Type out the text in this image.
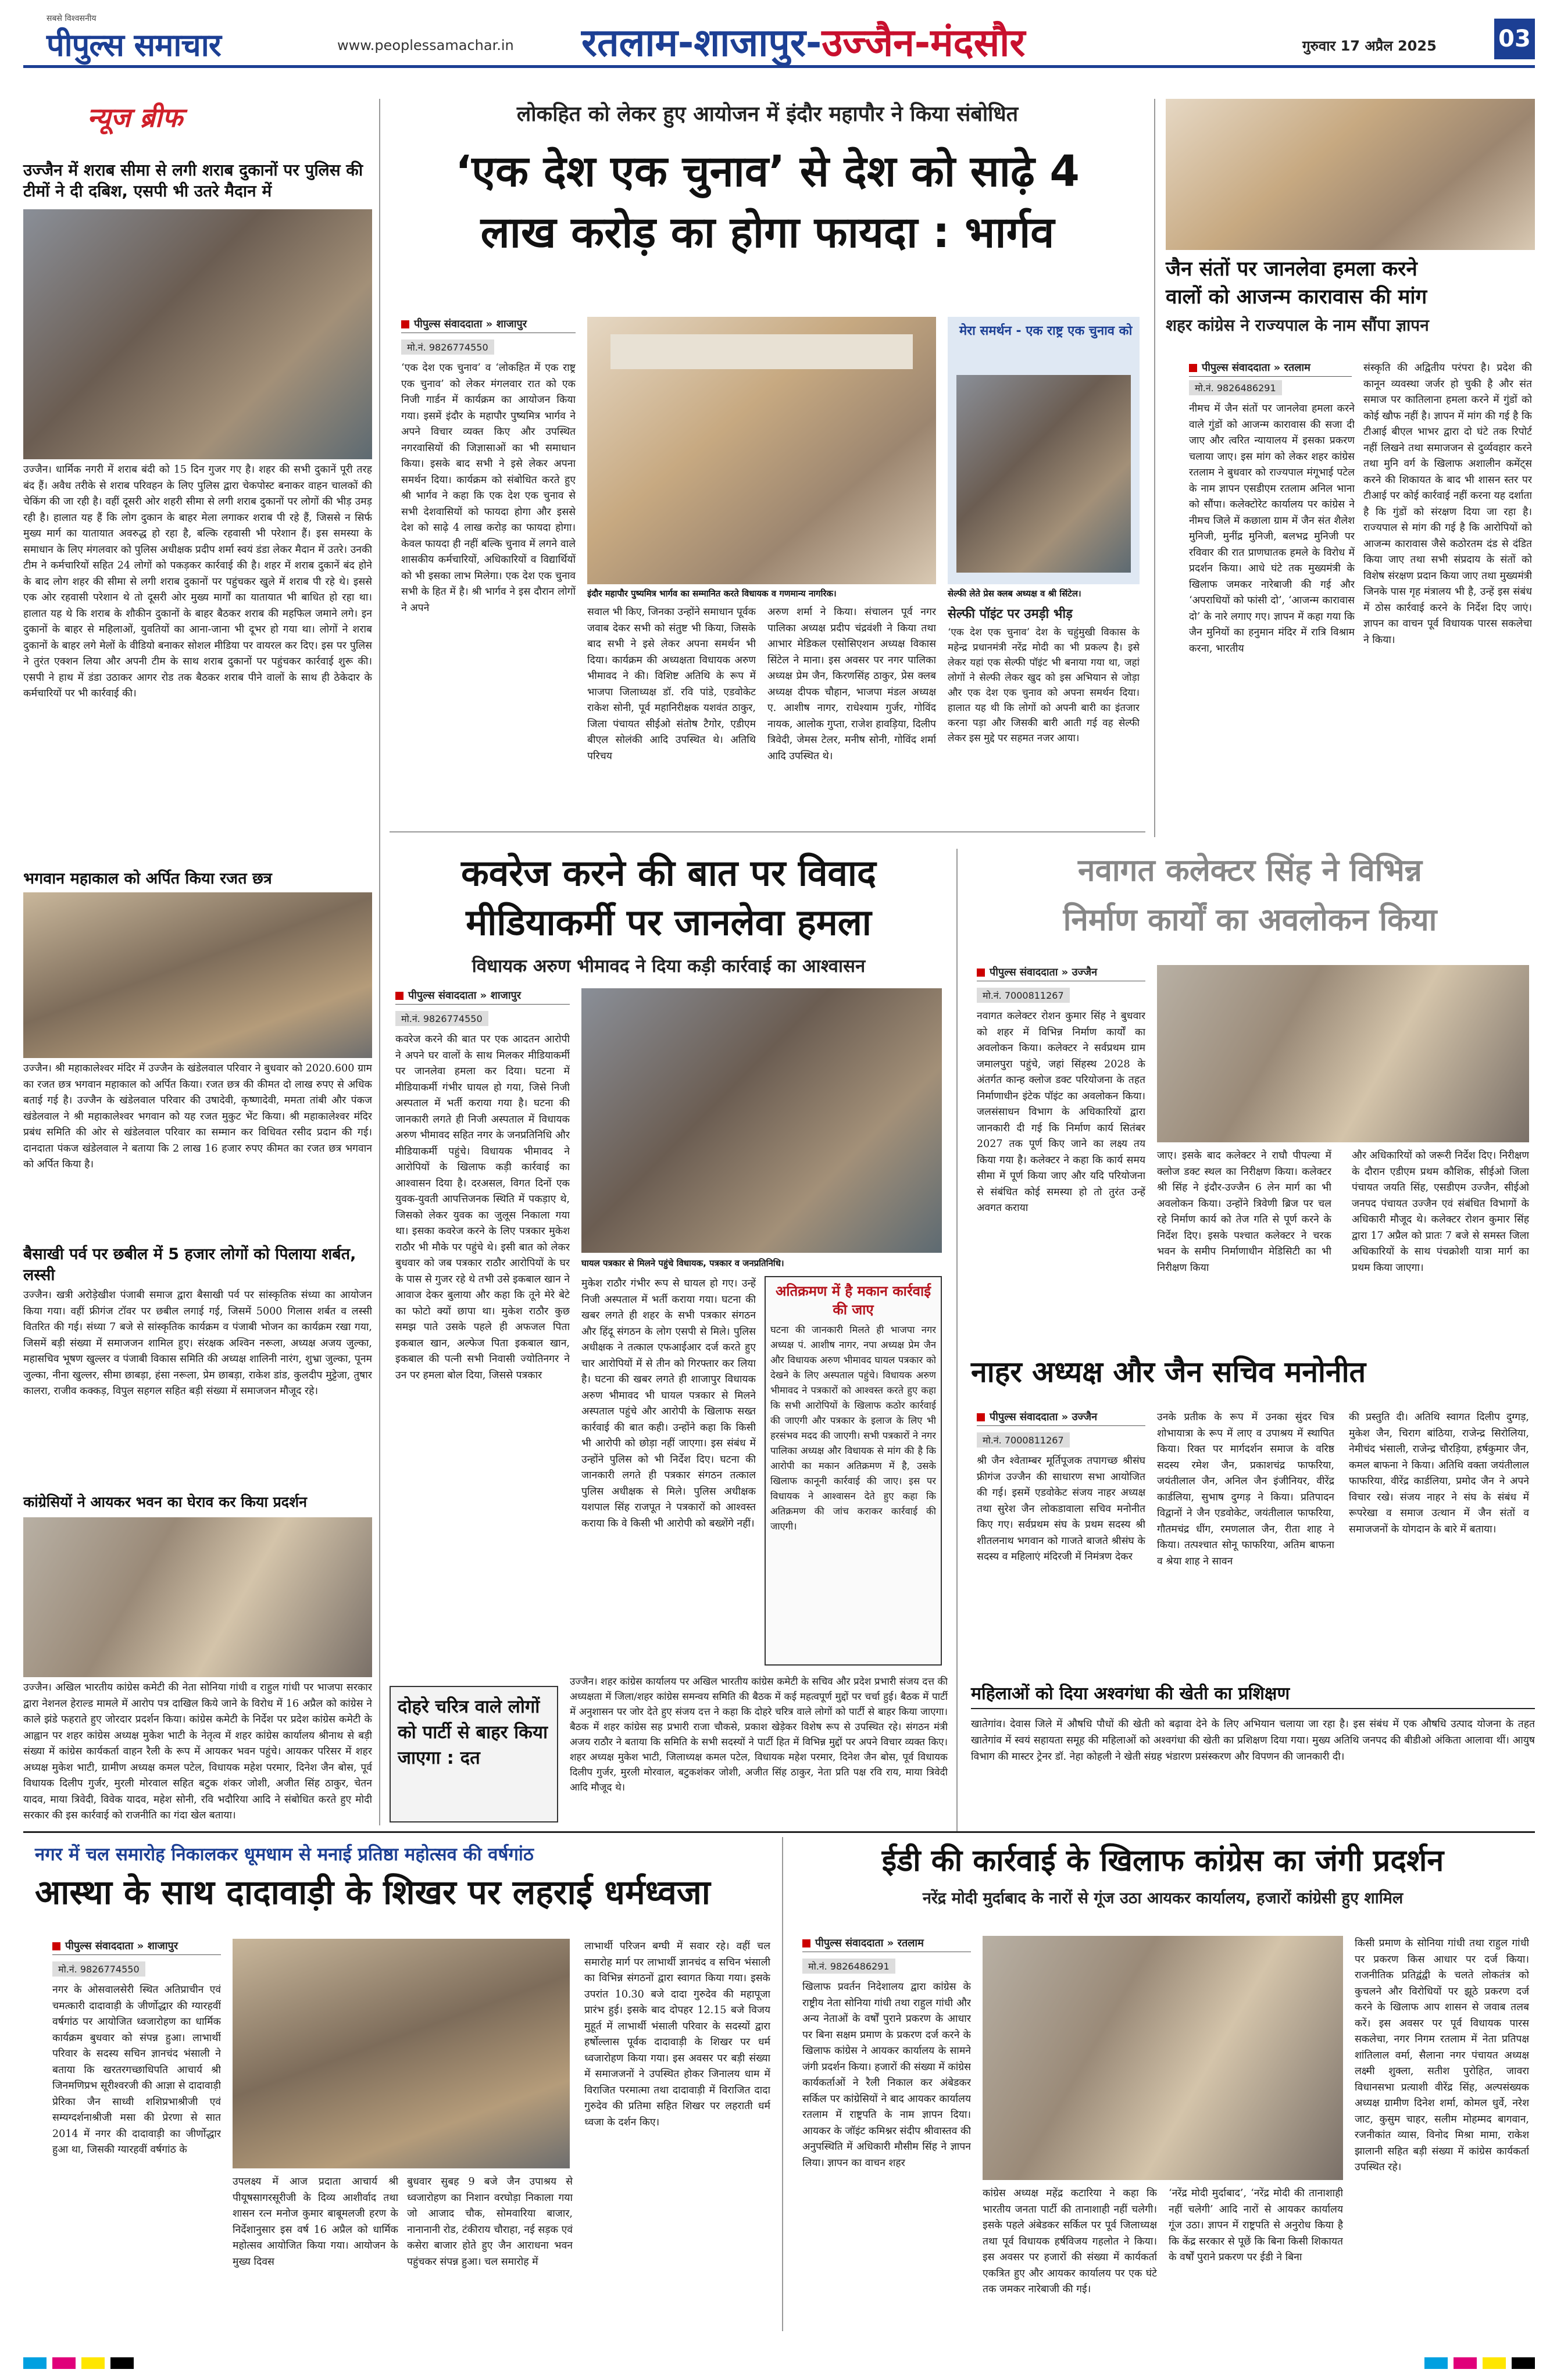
सबसे विश्वसनीय
पीपुल्स समाचार	www.peoplessamachar.in रतलाम-शाजापुर-उज्जैन-मंदसौर	गुरुवार 17 अप्रैल 2025	03
न्यूज ब्रीफ
उज्जैन में शराब सीमा से लगी शराब दुकानों पर पुलिस की टीमों ने दी दबिश, एसपी भी उतरे मैदान में
उज्जैन। धार्मिक नगरी में शराब बंदी को 15 दिन गुजर गए है। शहर की सभी दुकानें पूरी तरह बंद हैं। अवैध तरीके से शराब परिवहन के लिए पुलिस द्वारा चेकपोस्ट बनाकर वाहन चालकों की चेकिंग की जा रही है। वहीं दूसरी ओर शहरी सीमा से लगी शराब दुकानों पर लोगों की भीड़ उमड़ रही है। हालात यह हैं कि लोग दुकान के बाहर मेला लगाकर शराब पी रहे हैं, जिससे न सिर्फ मुख्य मार्ग का यातायात अवरुद्ध हो रहा है, बल्कि रहवासी भी परेशान हैं। इस समस्या के समाधान के लिए मंगलवार को पुलिस अधीक्षक प्रदीप शर्मा स्वयं डंडा लेकर मैदान में उतरे। उनकी टीम ने कर्मचारियों सहित 24 लोगों को पकड़कर कार्रवाई की है। शहर में शराब दुकानें बंद होने के बाद लोग शहर की सीमा से लगी शराब दुकानों पर पहुंचकर खुले में शराब पी रहे थे। इससे एक ओर रहवासी परेशान थे तो दूसरी ओर मुख्य मार्गों का यातायात भी बाधित हो रहा था। हालात यह थे कि शराब के शौकीन दुकानों के बाहर बैठकर शराब की महफिल जमाने लगे। इन दुकानों के बाहर से महिलाओं, युवतियों का आना-जाना भी दूभर हो गया था। लोगों ने शराब दुकानों के बाहर लगे मेलों के वीडियो बनाकर सोशल मीडिया पर वायरल कर दिए। इस पर पुलिस ने तुरंत एक्शन लिया और अपनी टीम के साथ शराब दुकानों पर पहुंचकर कार्रवाई शुरू की। एसपी ने हाथ में डंडा उठाकर आगर रोड तक बैठकर शराब पीने वालों के साथ ही ठेकेदार के कर्मचारियों पर भी कार्रवाई की।
भगवान महाकाल को अर्पित किया रजत छत्र
उज्जैन। श्री महाकालेश्वर मंदिर में उज्जैन के खंडेलवाल परिवार ने बुधवार को 2020.600 ग्राम का रजत छत्र भगवान महाकाल को अर्पित किया। रजत छत्र की कीमत दो लाख रुपए से अधिक बताई गई है। उज्जैन के खंडेलवाल परिवार की उषादेवी, कृष्णादेवी, ममता तांबी और पंकज खंडेलवाल ने श्री महाकालेश्वर भगवान को यह रजत मुकुट भेंट किया। श्री महाकालेश्वर मंदिर प्रबंध समिति की ओर से खंडेलवाल परिवार का सम्मान कर विधिवत रसीद प्रदान की गई। दानदाता पंकज खंडेलवाल ने बताया कि 2 लाख 16 हजार रुपए कीमत का रजत छत्र भगवान को अर्पित किया है।
बैसाखी पर्व पर छबील में 5 हजार लोगों को पिलाया शर्बत, लस्सी
उज्जैन। खत्री अरोड़ेखीश पंजाबी समाज द्वारा बैसाखी पर्व पर सांस्कृतिक संध्या का आयोजन किया गया। वहीं फ्रीगंज टॉवर पर छबील लगाई गई, जिसमें 5000 गिलास शर्बत व लस्सी वितरित की गई। संध्या 7 बजे से सांस्कृतिक कार्यक्रम व पंजाबी भोजन का कार्यक्रम रखा गया, जिसमें बड़ी संख्या में समाजजन शामिल हुए। संरक्षक अश्विन नरूला, अध्यक्ष अजय जुल्का, महासचिव भूषण खुल्लर व पंजाबी विकास समिति की अध्यक्ष शालिनी नारंग, शुभ्रा जुल्का, पूनम जुल्का, नीना खुल्लर, सीमा छाबड़ा, हंसा नरूला, प्रेम छाबड़ा, राकेश डांड, कुलदीप मुट्टेजा, तुषार कालरा, राजीव कक्कड़, विपुल सहगल सहित बड़ी संख्या में समाजजन मौजूद रहे।
कांग्रेसियों ने आयकर भवन का घेराव कर किया प्रदर्शन
उज्जैन। अखिल भारतीय कांग्रेस कमेटी की नेता सोनिया गांधी व राहुल गांधी पर भाजपा सरकार द्वारा नेशनल हेराल्ड मामले में आरोप पत्र दाखिल किये जाने के विरोध में 16 अप्रैल को कांग्रेस ने काले झंडे फहराते हुए जोरदार प्रदर्शन किया। कांग्रेस कमेटी के निर्देश पर प्रदेश कांग्रेस कमेटी के आह्वान पर शहर कांग्रेस अध्यक्ष मुकेश भाटी के नेतृत्व में शहर कांग्रेस कार्यालय श्रीनाथ से बड़ी संख्या में कांग्रेस कार्यकर्ता वाहन रैली के रूप में आयकर भवन पहुंचे। आयकर परिसर में शहर अध्यक्ष मुकेश भाटी, ग्रामीण अध्यक्ष कमल पटेल, विधायक महेश परमार, दिनेश जैन बोस, पूर्व विधायक दिलीप गुर्जर, मुरली मोरवाल सहित बटुक शंकर जोशी, अजीत सिंह ठाकुर, चेतन यादव, माया त्रिवेदी, विवेक यादव, महेश सोनी, रवि भदौरिया आदि ने संबोधित करते हुए मोदी सरकार की इस कार्रवाई को राजनीति का गंदा खेल बताया।
लोकहित को लेकर हुए आयोजन में इंदौर महापौर ने किया संबोधित
‘एक देश एक चुनाव’ से देश को साढ़े 4
लाख करोड़ का होगा फायदा : भार्गव
पीपुल्स संवाददाता » शाजापुर
मो.नं. 9826774550
‘एक देश एक चुनाव’ व ‘लोकहित में एक राष्ट्र एक चुनाव’ को लेकर मंगलवार रात को एक निजी गार्डन में कार्यक्रम का आयोजन किया गया। इसमें इंदौर के महापौर पुष्यमित्र भार्गव ने अपने विचार व्यक्त किए और उपस्थित नगरवासियों की जिज्ञासाओं का भी समाधान किया। इसके बाद सभी ने इसे लेकर अपना समर्थन दिया। कार्यक्रम को संबोधित करते हुए श्री भार्गव ने कहा कि एक देश एक चुनाव से सभी देशवासियों को फायदा होगा और इससे देश को साढ़े 4 लाख करोड़ का फायदा होगा। केवल फायदा ही नहीं बल्कि चुनाव में लगने वाले शासकीय कर्मचारियों, अधिकारियों व विद्यार्थियों को भी इसका लाभ मिलेगा। एक देश एक चुनाव सभी के हित में है। श्री भार्गव ने इस दौरान लोगों ने अपने
इंदौर महापौर पुष्यमित्र भार्गव का सम्मानित करते विधायक व गणमान्य नागरिक।
सवाल भी किए, जिनका उन्होंने समाधान पूर्वक जवाब देकर सभी को संतुष्ट भी किया, जिसके बाद सभी ने इसे लेकर अपना समर्थन भी दिया। कार्यक्रम की अध्यक्षता विधायक अरुण भीमावद ने की। विशिष्ट अतिथि के रूप में भाजपा जिलाध्यक्ष डॉ. रवि पांडे, एडवोकेट राकेश सोनी, पूर्व महानिरीक्षक यशवंत ठाकुर, जिला पंचायत सीईओ संतोष टैगोर, एडीएम बीएल सोलंकी आदि उपस्थित थे। अतिथि परिचय
अरुण शर्मा ने किया। संचालन पूर्व नगर पालिका अध्यक्ष प्रदीप चंद्रवंशी ने किया तथा आभार मेडिकल एसोसिएशन अध्यक्ष विकास सिंटेल ने माना। इस अवसर पर नगर पालिका अध्यक्ष प्रेम जैन, किरणसिंह ठाकुर, प्रेस क्लब अध्यक्ष दीपक चौहान, भाजपा मंडल अध्यक्ष ए. आशीष नागर, राधेश्याम गुर्जर, गोविंद नायक, आलोक गुप्ता, राजेश हावड़िया, दिलीप त्रिवेदी, जेमस टेलर, मनीष सोनी, गोविंद शर्मा आदि उपस्थित थे।
मेरा समर्थन - एक राष्ट्र एक चुनाव को
सेल्फी लेते प्रेस क्लब अध्यक्ष व श्री सिंटेल।
सेल्फी पॉइंट पर उमड़ी भीड़
‘एक देश एक चुनाव’ देश के चहुंमुखी विकास के महेन्द्र प्रधानमंत्री नरेंद्र मोदी का भी प्रकल्प है। इसे लेकर यहां एक सेल्फी पॉइंट भी बनाया गया था, जहां लोगों ने सेल्फी लेकर खुद को इस अभियान से जोड़ा और एक देश एक चुनाव को अपना समर्थन दिया। हालात यह थी कि लोगों को अपनी बारी का इंतजार करना पड़ा और जिसकी बारी आती गई वह सेल्फी लेकर इस मुद्दे पर सहमत नजर आया।
जैन संतों पर जानलेवा हमला करने
वालों को आजन्म कारावास की मांग
शहर कांग्रेस ने राज्यपाल के नाम सौंपा ज्ञापन
पीपुल्स संवाददाता » रतलाम
मो.नं. 9826486291
नीमच में जैन संतों पर जानलेवा हमला करने वाले गुंडों को आजन्म कारावास की सजा दी जाए और त्वरित न्यायालय में इसका प्रकरण चलाया जाए। इस मांग को लेकर शहर कांग्रेस रतलाम ने बुधवार को राज्यपाल मंगूभाई पटेल के नाम ज्ञापन एसडीएम रतलाम अनिल भाना को सौंपा। कलेक्टोरेट कार्यालय पर कांग्रेस ने नीमच जिले में कछाला ग्राम में जैन संत शैलेश मुनिजी, मुनींद्र मुनिजी, बलभद्र मुनिजी पर रविवार की रात प्राणघातक हमले के विरोध में प्रदर्शन किया। आधे घंटे तक मुख्यमंत्री के खिलाफ जमकर नारेबाजी की गई और ‘अपराधियों को फांसी दो’, ‘आजन्म कारावास दो’ के नारे लगाए गए। ज्ञापन में कहा गया कि जैन मुनियों का हनुमान मंदिर में रात्रि विश्राम करना, भारतीय
संस्कृति की अद्वितीय परंपरा है। प्रदेश की कानून व्यवस्था जर्जर हो चुकी है और संत समाज पर कातिलाना हमला करने में गुंडों को कोई खौफ नहीं है। ज्ञापन में मांग की गई है कि टीआई बीएल भाभर द्वारा दो घंटे तक रिपोर्ट नहीं लिखने तथा समाजजन से दुर्व्यवहार करने तथा मुनि वर्ग के खिलाफ अशालीन कमेंट्स करने की शिकायत के बाद भी शासन स्तर पर टीआई पर कोई कार्रवाई नहीं करना यह दर्शाता है कि गुंडों को संरक्षण दिया जा रहा है। राज्यपाल से मांग की गई है कि आरोपियों को आजन्म कारावास जैसे कठोरतम दंड से दंडित किया जाए तथा सभी संप्रदाय के संतों को विशेष संरक्षण प्रदान किया जाए तथा मुख्यमंत्री जिनके पास गृह मंत्रालय भी है, उन्हें इस संबंध में ठोस कार्रवाई करने के निर्देश दिए जाएं। ज्ञापन का वाचन पूर्व विधायक पारस सकलेचा ने किया।
कवरेज करने की बात पर विवाद
मीडियाकर्मी पर जानलेवा हमला
विधायक अरुण भीमावद ने दिया कड़ी कार्रवाई का आश्वासन
पीपुल्स संवाददाता » शाजापुर
मो.नं. 9826774550
कवरेज करने की बात पर एक आदतन आरोपी ने अपने घर वालों के साथ मिलकर मीडियाकर्मी पर जानलेवा हमला कर दिया। घटना में मीडियाकर्मी गंभीर घायल हो गया, जिसे निजी अस्पताल में भर्ती कराया गया है। घटना की जानकारी लगते ही निजी अस्पताल में विधायक अरुण भीमावद सहित नगर के जनप्रतिनिधि और मीडियाकर्मी पहुंचे। विधायक भीमावद ने आरोपियों के खिलाफ कड़ी कार्रवाई का आश्वासन दिया है। दरअसल, विगत दिनों एक युवक-युवती आपत्तिजनक स्थिति में पकड़ाए थे, जिसको लेकर युवक का जुलूस निकाला गया था। इसका कवरेज करने के लिए पत्रकार मुकेश राठौर भी मौके पर पहुंचे थे। इसी बात को लेकर बुधवार को जब पत्रकार राठौर आरोपियों के घर के पास से गुजर रहे थे तभी उसे इकबाल खान ने आवाज देकर बुलाया और कहा कि तूने मेरे बेटे का फोटो क्यों छापा था। मुकेश राठौर कुछ समझ पाते उसके पहले ही अफजल पिता इकबाल खान, अल्फेज पिता इकबाल खान, इकबाल की पत्नी सभी निवासी ज्योतिनगर ने उन पर हमला बोल दिया, जिससे पत्रकार
घायल पत्रकार से मिलने पहुंचे विधायक, पत्रकार व जनप्रतिनिधि।
मुकेश राठौर गंभीर रूप से घायल हो गए। उन्हें निजी अस्पताल में भर्ती कराया गया। घटना की खबर लगते ही शहर के सभी पत्रकार संगठन और हिंदू संगठन के लोग एसपी से मिले। पुलिस अधीक्षक ने तत्काल एफआईआर दर्ज करते हुए चार आरोपियों में से तीन को गिरफ्तार कर लिया है। घटना की खबर लगते ही शाजापुर विधायक अरुण भीमावद भी घायल पत्रकार से मिलने अस्पताल पहुंचे और आरोपी के खिलाफ सख्त कार्रवाई की बात कही। उन्होंने कहा कि किसी भी आरोपी को छोड़ा नहीं जाएगा। इस संबंध में उन्होंने पुलिस को भी निर्देश दिए। घटना की जानकारी लगते ही पत्रकार संगठन तत्काल पुलिस अधीक्षक से मिले। पुलिस अधीक्षक यशपाल सिंह राजपूत ने पत्रकारों को आश्वस्त कराया कि वे किसी भी आरोपी को बख्शेंगे नहीं।
अतिक्रमण में है मकान कार्रवाई की जाए
घटना की जानकारी मिलते ही भाजपा नगर अध्यक्ष पं. आशीष नागर, नपा अध्यक्ष प्रेम जैन और विधायक अरुण भीमावद घायल पत्रकार को देखने के लिए अस्पताल पहुंचे। विधायक अरुण भीमावद ने पत्रकारों को आश्वस्त करते हुए कहा कि सभी आरोपियों के खिलाफ कठोर कार्रवाई की जाएगी और पत्रकार के इलाज के लिए भी हरसंभव मदद की जाएगी। सभी पत्रकारों ने नगर पालिका अध्यक्ष और विधायक से मांग की है कि आरोपी का मकान अतिक्रमण में है, उसके खिलाफ कानूनी कार्रवाई की जाए। इस पर विधायक ने आश्वासन देते हुए कहा कि अतिक्रमण की जांच कराकर कार्रवाई की जाएगी।
नवागत कलेक्टर सिंह ने विभिन्न
निर्माण कार्यों का अवलोकन किया
पीपुल्स संवाददाता » उज्जैन
मो.नं. 7000811267
नवागत कलेक्टर रोशन कुमार सिंह ने बुधवार को शहर में विभिन्न निर्माण कार्यों का अवलोकन किया। कलेक्टर ने सर्वप्रथम ग्राम जमालपुरा पहुंचे, जहां सिंहस्थ 2028 के अंतर्गत कान्ह क्लोज डक्ट परियोजना के तहत निर्माणाधीन इंटेक पॉइंट का अवलोकन किया। जलसंसाधन विभाग के अधिकारियों द्वारा जानकारी दी गई कि निर्माण कार्य सितंबर 2027 तक पूर्ण किए जाने का लक्ष्य तय किया गया है। कलेक्टर ने कहा कि कार्य समय सीमा में पूर्ण किया जाए और यदि परियोजना से संबंधित कोई समस्या हो तो तुरंत उन्हें अवगत कराया
जाए। इसके बाद कलेक्टर ने राघौ पीपल्या में क्लोज डक्ट स्थल का निरीक्षण किया। कलेक्टर श्री सिंह ने इंदौर-उज्जैन 6 लेन मार्ग का भी अवलोकन किया। उन्होंने त्रिवेणी ब्रिज पर चल रहे निर्माण कार्य को तेज गति से पूर्ण करने के निर्देश दिए। इसके पश्चात कलेक्टर ने चरक भवन के समीप निर्माणाधीन मेडिसिटी का भी निरीक्षण किया
और अधिकारियों को जरूरी निर्देश दिए। निरीक्षण के दौरान एडीएम प्रथम कौशिक, सीईओ जिला पंचायत जयति सिंह, एसडीएम उज्जैन, सीईओ जनपद पंचायत उज्जैन एवं संबंधित विभागों के अधिकारी मौजूद थे। कलेक्टर रोशन कुमार सिंह द्वारा 17 अप्रैल को प्रातः 7 बजे से समस्त जिला अधिकारियों के साथ पंचक्रोशी यात्रा मार्ग का प्रथम किया जाएगा।
नाहर अध्यक्ष और जैन सचिव मनोनीत
पीपुल्स संवाददाता » उज्जैन
मो.नं. 7000811267
श्री जैन श्वेताम्बर मूर्तिपूजक तपागच्छ श्रीसंघ फ्रीगंज उज्जैन की साधारण सभा आयोजित की गई। इसमें एडवोकेट संजय नाहर अध्यक्ष तथा सुरेश जैन लोकडावाला सचिव मनोनीत किए गए। सर्वप्रथम संघ के प्रथम सदस्य श्री शीतलनाथ भगवान को गाजते बाजते श्रीसंघ के सदस्य व महिलाएं मंदिरजी में निमंत्रण देकर
उनके प्रतीक के रूप में उनका सुंदर चित्र शोभायात्रा के रूप में लाए व उपाश्रय में स्थापित किया। रिक्त पर मार्गदर्शन समाज के वरिष्ठ सदस्य रमेश जैन, प्रकाशचंद्र फाफरिया, जयंतीलाल जैन, अनिल जैन इंजीनियर, वीरेंद्र कार्डलिया, सुभाष दुग्गड़ ने किया। प्रतिपादन विद्वानों ने जैन एडवोकेट, जयंतीलाल फाफरिया, गौतमचंद्र धींग, रमणलाल जैन, रीता शाह ने किया। तत्पश्चात सोनू फाफरिया, अतिम बाफना व श्रेया शाह ने सावन
की प्रस्तुति दी। अतिथि स्वागत दिलीप दुग्गड़, मुकेश जैन, चिराग बांठिया, राजेन्द्र सिरोलिया, नेमीचंद भंसाली, राजेन्द्र चौरड़िया, हर्षकुमार जैन, कमल बाफना ने किया। अतिथि वक्ता जयंतीलाल फाफरिया, वीरेंद्र कार्डलिया, प्रमोद जैन ने अपने विचार रखे। संजय नाहर ने संघ के संबंध में रूपरेखा व समाज उत्थान में जैन संतों व समाजजनों के योगदान के बारे में बताया।
दोहरे चरित्र वाले लोगों को पार्टी से बाहर किया जाएगा : दत
उज्जैन। शहर कांग्रेस कार्यालय पर अखिल भारतीय कांग्रेस कमेटी के सचिव और प्रदेश प्रभारी संजय दत्त की अध्यक्षता में जिला/शहर कांग्रेस समन्वय समिति की बैठक में कई महत्वपूर्ण मुद्दों पर चर्चा हुई। बैठक में पार्टी में अनुशासन पर जोर देते हुए संजय दत्त ने कहा कि दोहरे चरित्र वाले लोगों को पार्टी से बाहर किया जाएगा। बैठक में शहर कांग्रेस सह प्रभारी राजा चौकसे, प्रकाश खेड़ेकर विशेष रूप से उपस्थित रहे। संगठन मंत्री अजय राठौर ने बताया कि समिति के सभी सदस्यों ने पार्टी हित में विभिन्न मुद्दों पर अपने विचार व्यक्त किए। शहर अध्यक्ष मुकेश भाटी, जिलाध्यक्ष कमल पटेल, विधायक महेश परमार, दिनेश जैन बोस, पूर्व विधायक दिलीप गुर्जर, मुरली मोरवाल, बटुकशंकर जोशी, अजीत सिंह ठाकुर, नेता प्रति पक्ष रवि राय, माया त्रिवेदी आदि मौजूद थे।
महिलाओं को दिया अश्वगंधा की खेती का प्रशिक्षण
खातेगांव। देवास जिले में औषधि पौधों की खेती को बढ़ावा देने के लिए अभियान चलाया जा रहा है। इस संबंध में एक औषधि उत्पाद योजना के तहत खातेगांव में स्वयं सहायता समूह की महिलाओं को अश्वगंधा की खेती का प्रशिक्षण दिया गया। मुख्य अतिथि जनपद की बीडीओ अंकिता आलावा थीं। आयुष विभाग की मास्टर ट्रेनर डॉ. नेहा कोहली ने खेती संग्रह भंडारण प्रसंस्करण और विपणन की जानकारी दी।
नगर में चल समारोह निकालकर धूमधाम से मनाई प्रतिष्ठा महोत्सव की वर्षगांठ
आस्था के साथ दादावाड़ी के शिखर पर लहराई धर्मध्वजा
पीपुल्स संवाददाता » शाजापुर
मो.नं. 9826774550
नगर के ओसवालसेरी स्थित अतिप्राचीन एवं चमत्कारी दादावाड़ी के जीर्णोद्धार की ग्यारहवीं वर्षगांठ पर आयोजित ध्वजारोहण का धार्मिक कार्यक्रम बुधवार को संपन्न हुआ। लाभार्थी परिवार के सदस्य सचिन ज्ञानचंद भंसाली ने बताया कि खरतरगच्छाधिपति आचार्य श्री जिनमणिप्रभ सूरीश्वरजी की आज्ञा से दादावाड़ी प्रेरिका जैन साध्वी शशिप्रभाश्रीजी एवं सम्यग्दर्शनाश्रीजी मसा की प्रेरणा से सात 2014 में नगर की दादावाड़ी का जीर्णोद्धार हुआ था, जिसकी ग्यारहवीं वर्षगांठ के
उपलक्ष्य में आज प्रदाता आचार्य श्री पीयूषसागरसूरीजी के दिव्य आशीर्वाद तथा शासन रत्न मनोज कुमार बाबूमलजी हरण के निर्देशानुसार इस वर्ष 16 अप्रैल को धार्मिक महोत्सव आयोजित किया गया। आयोजन के मुख्य दिवस
बुधवार सुबह 9 बजे जैन उपाश्रय से ध्वजारोहण का निशान वरघोड़ा निकाला गया जो आजाद चौक, सोमवारिया बाजार, नानानानी रोड, टंकीराय चौराहा, नई सड़क एवं कसेरा बाजार होते हुए जैन आराधना भवन पहुंचकर संपन्न हुआ। चल समारोह में
लाभार्थी परिजन बग्घी में सवार रहे। वहीं चल समारोह मार्ग पर लाभार्थी ज्ञानचंद व सचिन भंसाली का विभिन्न संगठनों द्वारा स्वागत किया गया। इसके उपरांत 10.30 बजे दादा गुरुदेव की महापूजा प्रारंभ हुई। इसके बाद दोपहर 12.15 बजे विजय मुहूर्त में लाभार्थी भंसाली परिवार के सदस्यों द्वारा हर्षोल्लास पूर्वक दादावाड़ी के शिखर पर धर्म ध्वजारोहण किया गया। इस अवसर पर बड़ी संख्या में समाजजनों ने उपस्थित होकर जिनालय धाम में विराजित परमात्मा तथा दादावाड़ी में विराजित दादा गुरुदेव की प्रतिमा सहित शिखर पर लहराती धर्म ध्वजा के दर्शन किए।
ईडी की कार्रवाई के खिलाफ कांग्रेस का जंगी प्रदर्शन
नरेंद्र मोदी मुर्दाबाद के नारों से गूंज उठा आयकर कार्यालय, हजारों कांग्रेसी हुए शामिल
पीपुल्स संवाददाता » रतलाम
मो.नं. 9826486291
खिलाफ प्रवर्तन निदेशालय द्वारा कांग्रेस के राष्ट्रीय नेता सोनिया गांधी तथा राहुल गांधी और अन्य नेताओं के वर्षों पुराने प्रकरण के आधार पर बिना सक्षम प्रमाण के प्रकरण दर्ज करने के खिलाफ कांग्रेस ने आयकर कार्यालय के सामने जंगी प्रदर्शन किया। हजारों की संख्या में कांग्रेस कार्यकर्ताओं ने रैली निकाल कर अंबेडकर सर्किल पर कांग्रेसियों ने बाद आयकर कार्यालय रतलाम में राष्ट्रपति के नाम ज्ञापन दिया। आयकर के जॉइंट कमिश्नर संदीप श्रीवास्तव की अनुपस्थिति में अधिकारी मौसीम सिंह ने ज्ञापन लिया। ज्ञापन का वाचन शहर
कांग्रेस अध्यक्ष महेंद्र कटारिया ने कहा कि भारतीय जनता पार्टी की तानाशाही नहीं चलेगी। इसके पहले अंबेडकर सर्किल पर पूर्व जिलाध्यक्ष तथा पूर्व विधायक हर्षविजय गहलोत ने किया। इस अवसर पर हजारों की संख्या में कार्यकर्ता एकत्रित हुए और आयकर कार्यालय पर एक घंटे तक जमकर नारेबाजी की गई।
‘नरेंद्र मोदी मुर्दाबाद’, ‘नरेंद्र मोदी की तानाशाही नहीं चलेगी’ आदि नारों से आयकर कार्यालय गूंज उठा। ज्ञापन में राष्ट्रपति से अनुरोध किया है कि केंद्र सरकार से पूछें कि बिना किसी शिकायत के वर्षों पुराने प्रकरण पर ईडी ने बिना
किसी प्रमाण के सोनिया गांधी तथा राहुल गांधी पर प्रकरण किस आधार पर दर्ज किया। राजनीतिक प्रतिद्वंद्वी के चलते लोकतंत्र को कुचलने और विरोधियों पर झूठे प्रकरण दर्ज करने के खिलाफ आप शासन से जवाब तलब करें। इस अवसर पर पूर्व विधायक पारस सकलेचा, नगर निगम रतलाम में नेता प्रतिपक्ष शांतिलाल वर्मा, सैलाना नगर पंचायत अध्यक्ष लक्ष्मी शुक्ला, सतीश पुरोहित, जावरा विधानसभा प्रत्याशी वीरेंद्र सिंह, अल्पसंख्यक अध्यक्ष ग्रामीण दिनेश शर्मा, कोमल धुर्वे, नरेश जाट, कुसुम चाहर, सलीम मोहम्मद बागवान, रजनीकांत व्यास, विनोद मिश्रा मामा, राकेश झालानी सहित बड़ी संख्या में कांग्रेस कार्यकर्ता उपस्थित रहे।
